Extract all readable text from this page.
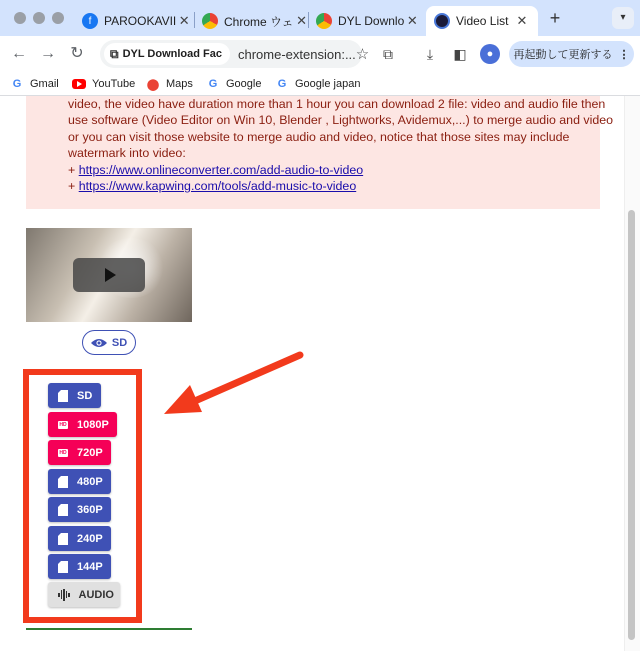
f	PAROOKAVII ✕	Chrome ウェ ✕	DYL Downlo ✕	Video List ✕ +	▾
← → ↻	⧉ DYL Download Fac chrome-extension:... ☆ ⧉	⤓	◧	●	再起動して更新する ⋮
G Gmail	YouTube ⬤ Maps G Google G Google japan

video, the video have duration more than 1 hour you can download 2 file: video and audio file then

use software (Video Editor on Win 10, Blender , Lightworks, Avidemux,...) to merge audio and video

or you can visit those website to merge audio and video, notice that those sites may include

watermark into video:

+ https://www.onlineconverter.com/add-audio-to-video

+ https://www.kapwing.com/tools/add-music-to-video

SD
SD
HD 1080P
HD 720P
480P
360P
240P
144P
AUDIO
